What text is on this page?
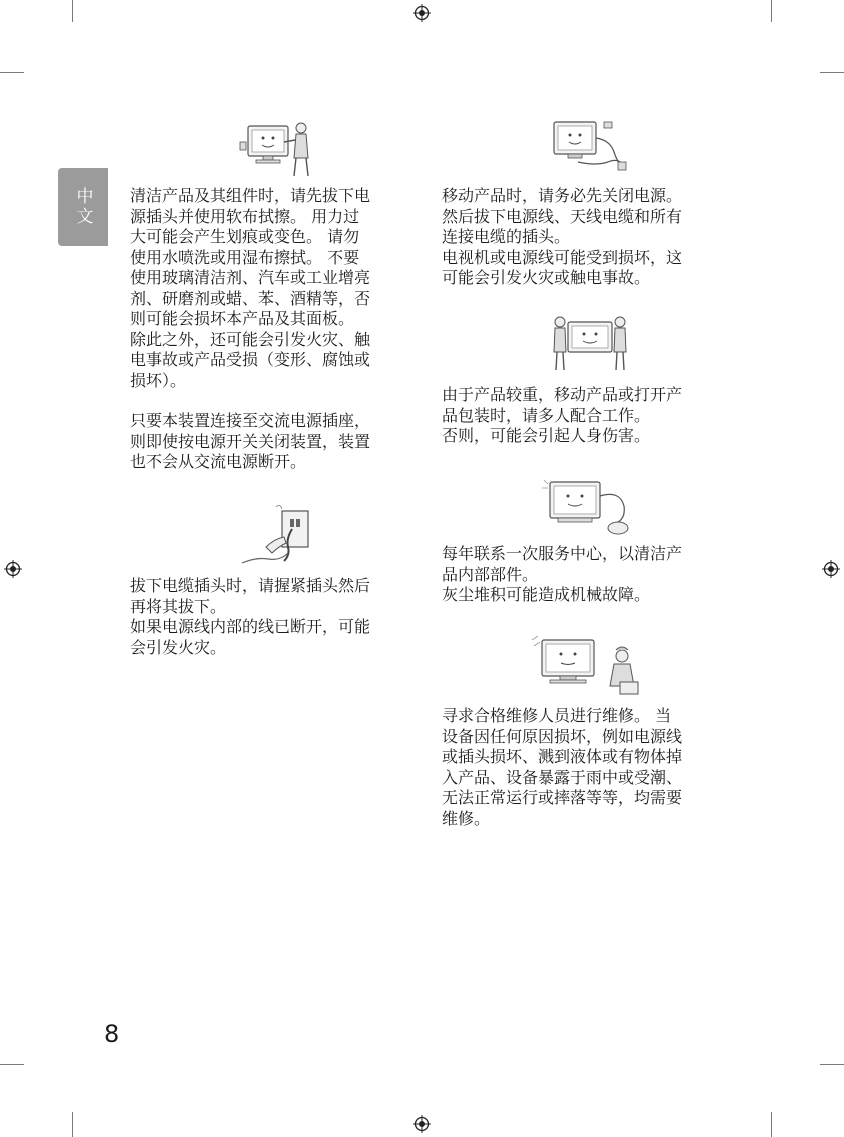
中文 清洁产品及其组件时，请先拔下电
源插头并使用软布拭擦。 用力过
大可能会产生划痕或变色。 请勿
使用水喷洗或用湿布擦拭。 不要
使用玻璃清洁剂、汽车或工业增亮
剂、研磨剂或蜡、苯、酒精等，否
则可能会损坏本产品及其面板。
除此之外，还可能会引发火灾、触
电事故或产品受损（变形、腐蚀或
损坏）。

只要本装置连接至交流电源插座，
则即使按电源开关关闭装置，装置
也不会从交流电源断开。

拔下电缆插头时，请握紧插头然后
再将其拔下。
如果电源线内部的线已断开，可能
会引发火灾。

移动产品时，请务必先关闭电源。
然后拔下电源线、天线电缆和所有
连接电缆的插头。
电视机或电源线可能受到损坏，这
可能会引发火灾或触电事故。

由于产品较重，移动产品或打开产
品包装时，请多人配合工作。
否则，可能会引起人身伤害。

每年联系一次服务中心，以清洁产
品内部部件。
灰尘堆积可能造成机械故障。

寻求合格维修人员进行维修。 当
设备因任何原因损坏，例如电源线
或插头损坏、溅到液体或有物体掉
入产品、设备暴露于雨中或受潮、
无法正常运行或摔落等等，均需要
维修。

8
